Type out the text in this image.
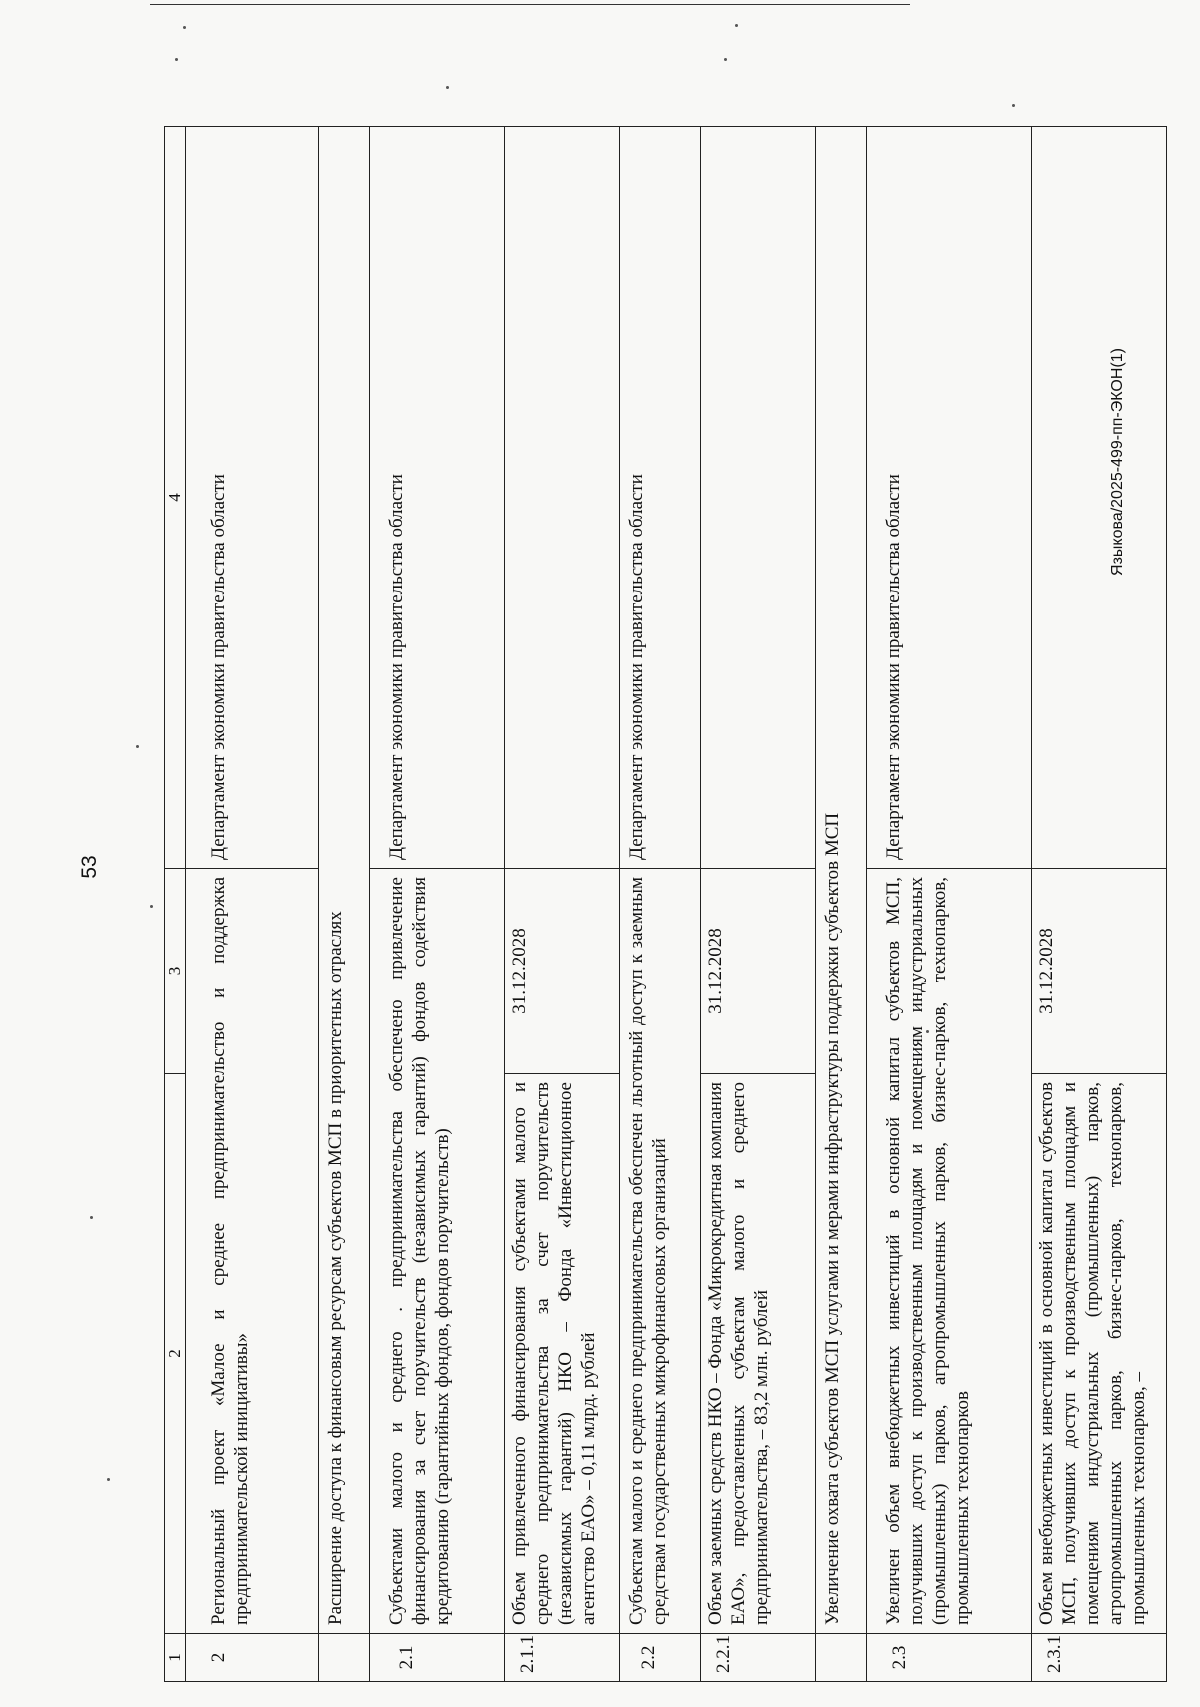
53
Языкова/2025-499-пп-ЭКОН(1)
1	2	3	4
2	Региональный проект «Малое и среднее предпринимательство и поддержка предпринимательской инициативы»		Департамент экономики правительства области
	Расширение доступа к финансовым ресурсам субъектов МСП в приоритетных отраслях		
2.1	Субъектами малого и среднего . предпринимательства обеспечено привлечение финансирования за счет поручительств (независимых гарантий) фондов содействия кредитованию (гарантийных фондов, фондов поручительств)		Департамент экономики правительства области
2.1.1	Объем привлеченного финансирования субъектами малого и среднего предпринимательства за счет поручительств (независимых гарантий) НКО – Фонда «Инвестиционное агентство ЕАО» – 0,11 млрд. рублей	31.12.2028	
2.2	Субъектам малого и среднего предпринимательства обеспечен льготный доступ к заемным средствам государственных микрофинансовых организаций		Департамент экономики правительства области
2.2.1	Объем заемных средств НКО – Фонда «Микрокредитная компания ЕАО», предоставленных субъектам малого и среднего предпринимательства, – 83,2 млн. рублей	31.12.2028	
	Увеличение охвата субъектов МСП услугами и мерами инфраструктуры поддержки субъектов МСП		
2.3	Увеличен объем внебюджетных инвестиций в основной капитал субъектов МСП, получивших доступ к производственным площадям и помещениям индустриальных (промышленных) парков, агропромышленных парков, бизнес-парков, технопарков, промышленных технопарков		Департамент экономики правительства области
2.3.1	Объем внебюджетных инвестиций в основной капитал субъектов МСП, получивших доступ к производственным площадям и помещениям индустриальных (промышленных) парков, агропромышленных парков, бизнес-парков, технопарков, промышленных технопарков, –	31.12.2028	
